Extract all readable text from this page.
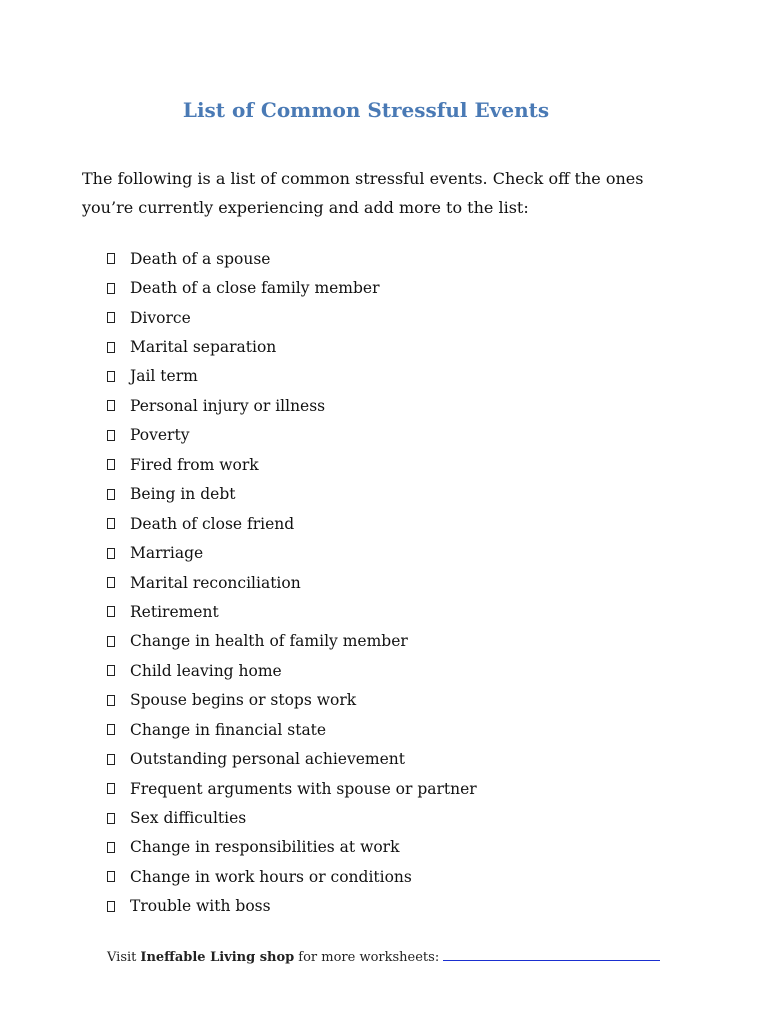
List of Common Stressful Events
The following is a list of common stressful events. Check off the ones you’re currently experiencing and add more to the list:
Death of a spouse
Death of a close family member
Divorce
Marital separation
Jail term
Personal injury or illness
Poverty
Fired from work
Being in debt
Death of close friend
Marriage
Marital reconciliation
Retirement
Change in health of family member
Child leaving home
Spouse begins or stops work
Change in financial state
Outstanding personal achievement
Frequent arguments with spouse or partner
Sex difficulties
Change in responsibilities at work
Change in work hours or conditions
Trouble with boss
Visit Ineffable Living shop for more worksheets:
